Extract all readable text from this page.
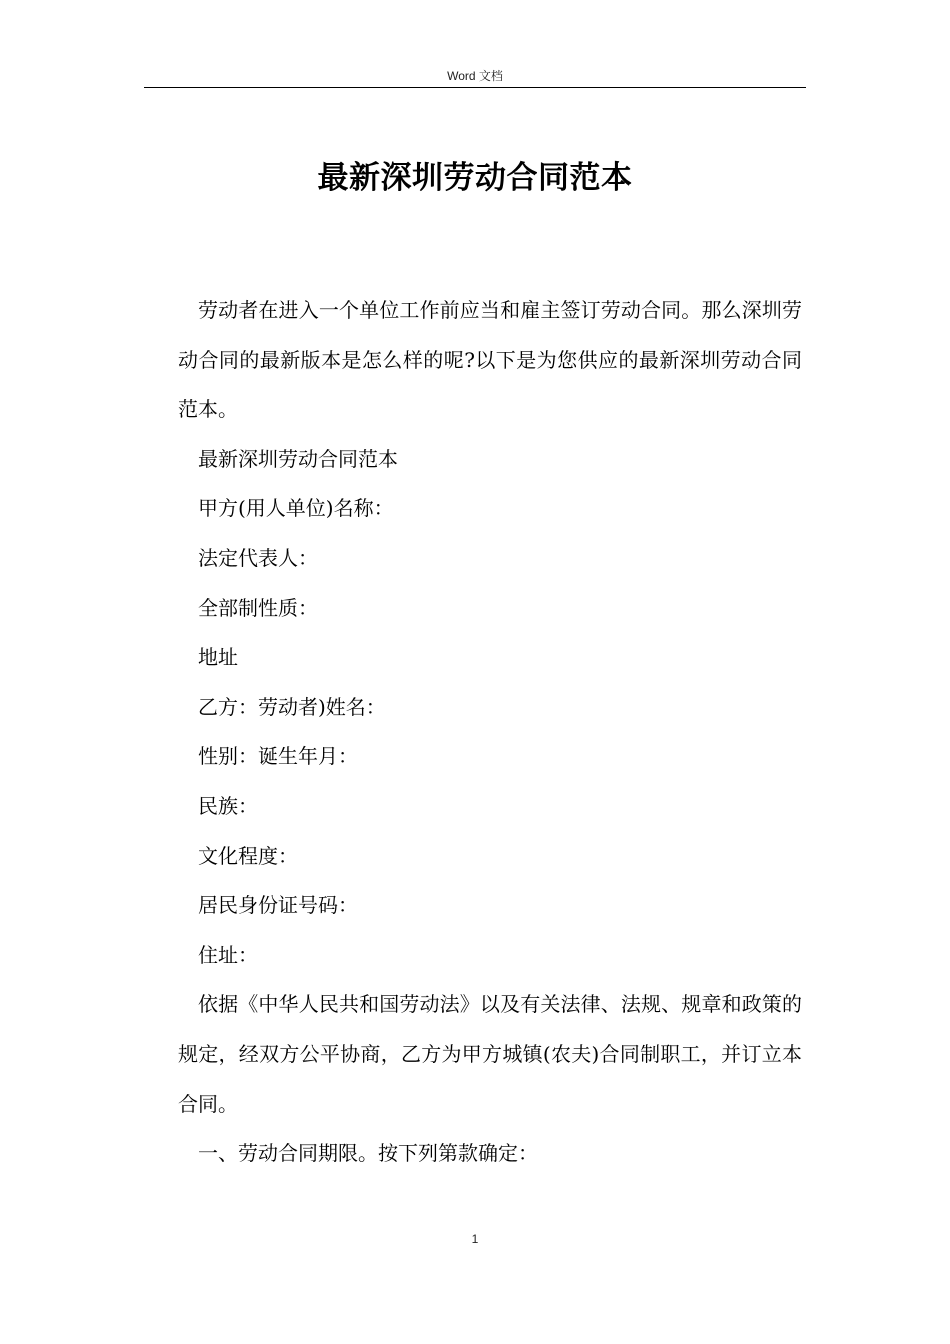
Word 文档
最新深圳劳动合同范本

劳动者在进入一个单位工作前应当和雇主签订劳动合同。那么深圳劳动合同的最新版本是怎么样的呢?以下是为您供应的最新深圳劳动合同范本。

最新深圳劳动合同范本

甲方(用人单位)名称：

法定代表人：

全部制性质：

地址

乙方：劳动者)姓名：

性别：诞生年月：

民族：

文化程度：

居民身份证号码：

住址：

依据《中华人民共和国劳动法》以及有关法律、法规、规章和政策的规定，经双方公平协商，乙方为甲方城镇(农夫)合同制职工，并订立本合同。

一、劳动合同期限。按下列第款确定：

1
